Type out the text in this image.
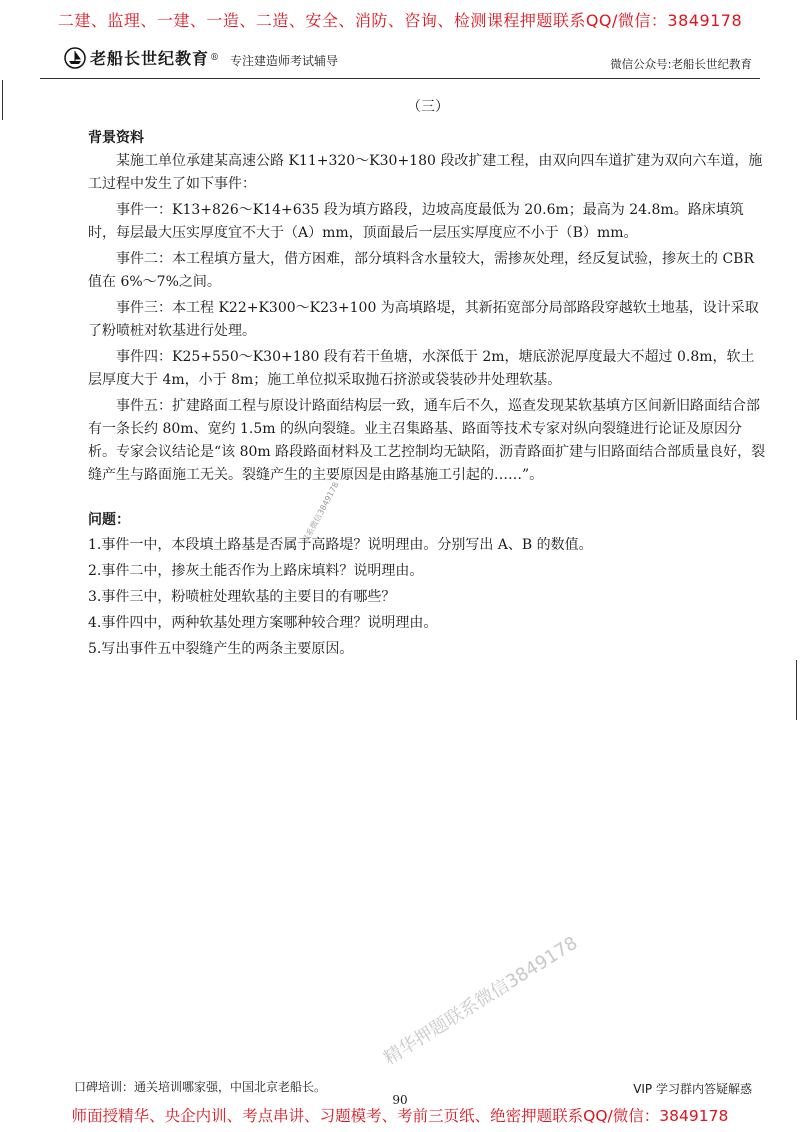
二建、监理、一建、一造、二造、安全、消防、咨询、检测课程押题联系QQ/微信：3849178
老船长世纪教育 ® 专注建造师考试辅导	微信公众号:老船长世纪教育

（三）

背景资料

某施工单位承建某高速公路 K11+320～K30+180 段改扩建工程，由双向四车道扩建为双向六车道，施工过程中发生了如下事件：

事件一：K13+826～K14+635 段为填方路段，边坡高度最低为 20.6m；最高为 24.8m。路床填筑时，每层最大压实厚度宜不大于（A）mm，顶面最后一层压实厚度应不小于（B）mm。

事件二：本工程填方量大，借方困难，部分填料含水量较大，需掺灰处理，经反复试验，掺灰土的 CBR 值在 6%～7%之间。

事件三：本工程 K22+K300～K23+100 为高填路堤，其新拓宽部分局部路段穿越软土地基，设计采取了粉喷桩对软基进行处理。

事件四：K25+550～K30+180 段有若干鱼塘，水深低于 2m，塘底淤泥厚度最大不超过 0.8m，软土层厚度大于 4m，小于 8m；施工单位拟采取抛石挤淤或袋装砂井处理软基。

事件五：扩建路面工程与原设计路面结构层一致，通车后不久，巡查发现某软基填方区间新旧路面结合部有一条长约 80m、宽约 1.5m 的纵向裂缝。业主召集路基、路面等技术专家对纵向裂缝进行论证及原因分析。专家会议结论是“该 80m 路段路面材料及工艺控制均无缺陷，沥青路面扩建与旧路面结合部质量良好，裂缝产生与路面施工无关。裂缝产生的主要原因是由路基施工引起的……”。

问题：

1.事件一中，本段填土路基是否属于高路堤？说明理由。分别写出 A、B 的数值。

2.事件二中，掺灰土能否作为上路床填料？说明理由。

3.事件三中，粉喷桩处理软基的主要目的有哪些？

4.事件四中，两种软基处理方案哪种较合理？说明理由。

5.写出事件五中裂缝产生的两条主要原因。

联系微信3849178
精华押题联系微信3849178
口碑培训：通关培训哪家强，中国北京老船长。	VIP 学习群内答疑解惑
90
师面授精华、央企内训、考点串讲、习题模考、考前三页纸、绝密押题联系QQ/微信：3849178
